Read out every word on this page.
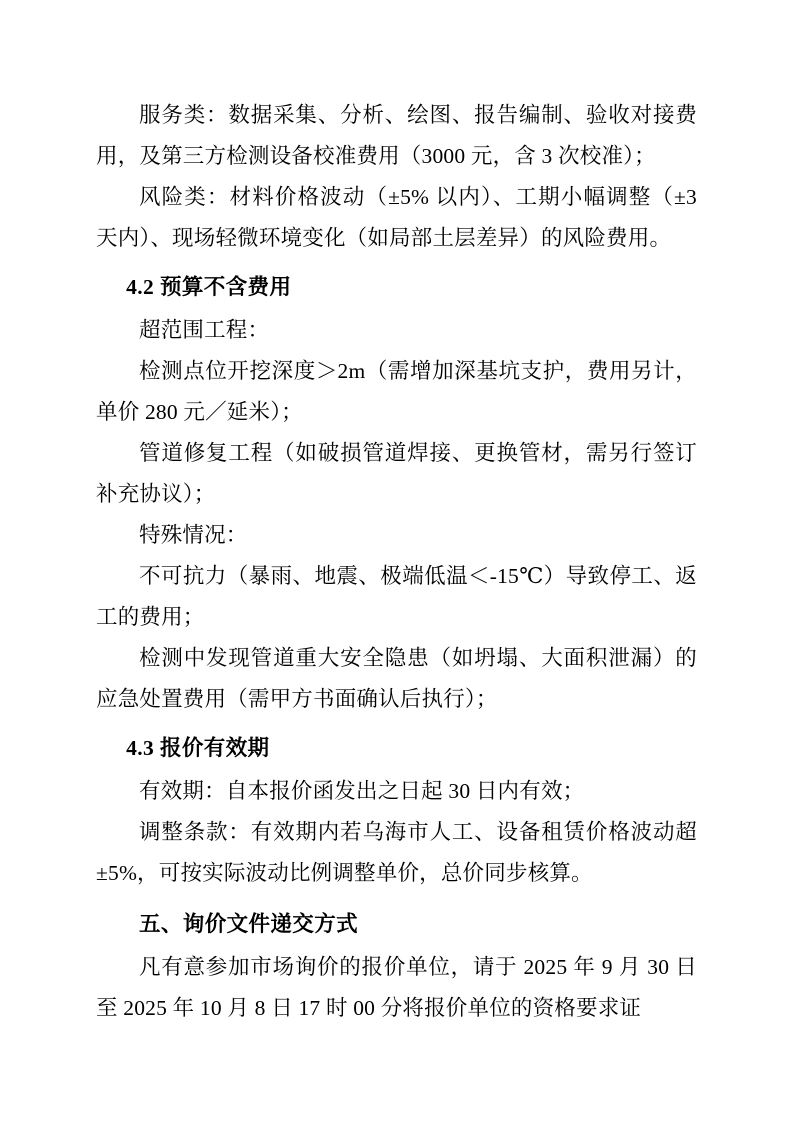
服务类：数据采集、分析、绘图、报告编制、验收对接费用，及第三方检测设备校准费用（3000 元，含 3 次校准）；

风险类：材料价格波动（±5% 以内）、工期小幅调整（±3 天内）、现场轻微环境变化（如局部土层差异）的风险费用。

4.2 预算不含费用

超范围工程：

检测点位开挖深度＞2m（需增加深基坑支护，费用另计，单价 280 元／延米）；

管道修复工程（如破损管道焊接、更换管材，需另行签订补充协议）；

特殊情况：

不可抗力（暴雨、地震、极端低温＜-15℃）导致停工、返工的费用；

检测中发现管道重大安全隐患（如坍塌、大面积泄漏）的应急处置费用（需甲方书面确认后执行）；

4.3 报价有效期

有效期：自本报价函发出之日起 30 日内有效；

调整条款：有效期内若乌海市人工、设备租赁价格波动超 ±5%，可按实际波动比例调整单价，总价同步核算。

五、询价文件递交方式

凡有意参加市场询价的报价单位，请于 2025 年 9 月 30 日至 2025 年 10 月 8 日 17 时 00 分将报价单位的资格要求证
